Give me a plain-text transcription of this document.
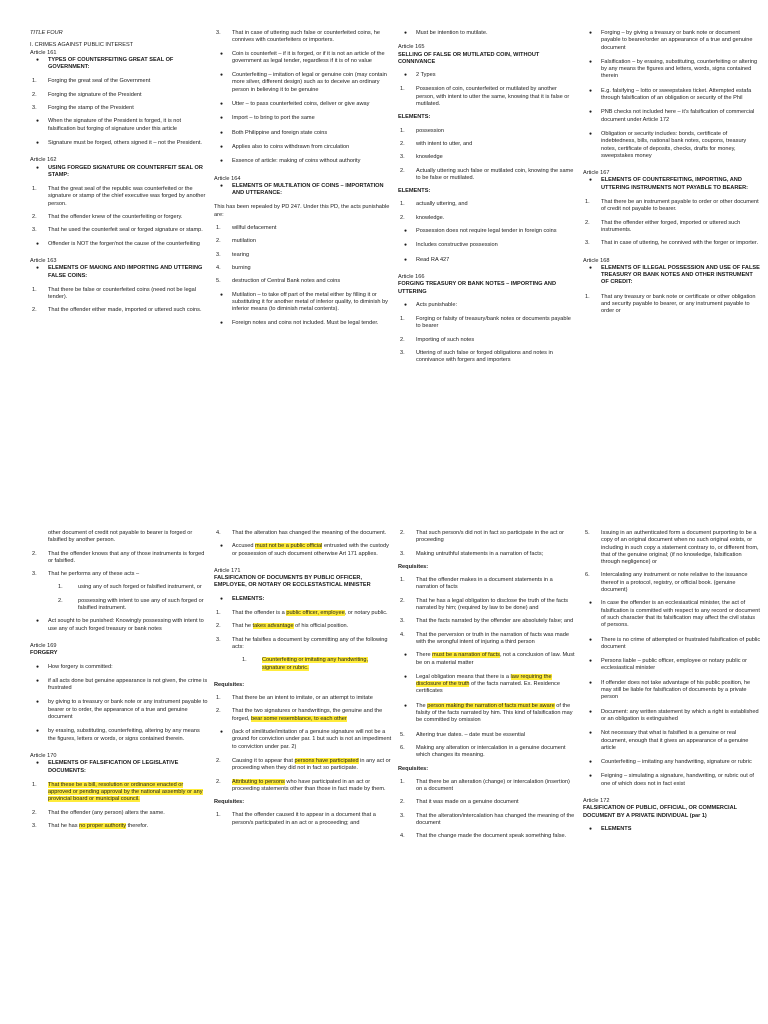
TITLE FOUR
I. CRIMES AGAINST PUBLIC INTEREST
Article 161
● TYPES OF COUNTERFEITING GREAT SEAL OF GOVERNMENT:
1. Forging the great seal of the Government
2. Forging the signature of the President
3. Forging the stamp of the President
● When the signature of the President is forged, it is not falsification but forging of signature under this article
● Signature must be forged, others signed it – not the President.
Article 162
● USING FORGED SIGNATURE OR COUNTERFEIT SEAL OR STAMP:
1. That the great seal of the republic was counterfeited or the signature or stamp of the chief executive was forged by another person.
2. That the offender knew of the counterfeiting or forgery.
3. That he used the counterfeit seal or forged signature or stamp.
● Offender is NOT the forger/not the cause of the counterfeiting
Article 163
● ELEMENTS OF MAKING AND IMPORTING AND UTTERING FALSE COINS:
1. That there be false or counterfeited coins (need not be legal tender).
2. That the offender either made, imported or uttered such coins.
3. That in case of uttering such false or counterfeited coins, he connives with counterfeiters or importers.
● Coin is counterfeit – if it is forged, or if it is not an article of the government as legal tender, regardless if it is of no value
● Counterfeiting – imitation of legal or genuine coin (may contain more silver, different design) such as to deceive an ordinary person in believing it to be genuine
● Utter – to pass counterfeited coins, deliver or give away
● Import – to bring to port the same
● Both Philippine and foreign state coins
● Applies also to coins withdrawn from circulation
● Essence of article: making of coins without authority
Article 164
● ELEMENTS OF MULTILATION OF COINS – IMPORTATION AND UTTERANCE:
This has been repealed by PD 247. Under this PD, the acts punishable are:
1. willful defacement
2. mutilation
3. tearing
4. burning
5. destruction of Central Bank notes and coins
● Mutilation – to take off part of the metal either by filling it or substituting it for another metal of inferior quality, to diminish by inferior means (to diminish metal contents).
● Foreign notes and coins not included. Must be legal tender.
● Must be intention to mutilate.
Article 165
SELLING OF FALSE OR MUTILATED COIN, WITHOUT CONNIVANCE
● 2 Types
1. Possession of coin, counterfeited or mutilated by another person, with intent to utter the same, knowing that it is false or mutilated.
ELEMENTS:
1. possession
2. with intent to utter, and
3. knowledge
2. Actually uttering such false or mutilated coin, knowing the same to be false or mutilated.
ELEMENTS:
1. actually uttering, and
2. knowledge.
● Possession does not require legal tender in foreign coins
● Includes constructive possession
● Read RA 427
Article 166
FORGING TREASURY OR BANK NOTES – IMPORTING AND UTTERING
● Acts punishable:
1. Forging or falsity of treasury/bank notes or documents payable to bearer
2. Importing of such notes
3. Uttering of such false or forged obligations and notes in connivance with forgers and importers
● Forging – by giving a treasury or bank note or document payable to bearer/order an appearance of a true and genuine document
● Falsification – by erasing, substituting, counterfeiting or altering by any means the figures and letters, words, signs contained therein
● E.g. falsifying – lotto or sweepstakes ticket. Attempted estafa through falsification of an obligation or security of the Phil
● PNB checks not included here – it's falsification of commercial document under Article 172
● Obligation or security includes: bonds, certificate of indebtedness, bills, national bank notes, coupons, treasury notes, certificate of deposits, checks, drafts for money, sweepstakes money
Article 167
● ELEMENTS OF COUNTERFEITING, IMPORTING, AND UTTERING INSTRUMENTS NOT PAYABLE TO BEARER:
1. That there be an instrument payable to order or other document of credit not payable to bearer.
2. That the offender either forged, imported or uttered such instruments.
3. That in case of uttering, he connived with the forger or importer.
Article 168
● ELEMENTS OF ILLEGAL POSSESSION AND USE OF FALSE TREASURY OR BANK NOTES AND OTHER INSTRUMENT OF CREDIT:
1. That any treasury or bank note or certificate or other obligation and security payable to bearer, or any instrument payable to order or
other document of credit not payable to bearer is forged or falsified by another person.
2. That the offender knows that any of those instruments is forged or falsified.
3. That he performs any of these acts –
1.	using any of such forged or falsified instrument, or
2.	possessing with intent to use any of such forged or falsified instrument.
● Act sought to be punished: Knowingly possessing with intent to use any of such forged treasury or bank notes
Article 169
FORGERY
● How forgery is committed:
● if all acts done but genuine appearance is not given, the crime is frustrated
● by giving to a treasury or bank note or any instrument payable to bearer or to order, the appearance of a true and genuine document
● by erasing, substituting, counterfeiting, altering by any means the figures, letters or words, or signs contained therein.
Article 170
● ELEMENTS OF FALSIFICATION OF LEGISLATIVE DOCUMENTS:
1. That these be a bill, resolution or ordinance enacted or approved or pending approval by the national assembly or any provincial board or municipal council.
2. That the offender (any person) alters the same.
3. That he has no proper authority therefor.
4. That the alteration has changed the meaning of the document.
● Accused must not be a public official entrusted with the custody or possession of such document otherwise Art 171 applies.
Article 171
FALSIFICATION OF DOCUMENTS BY PUBLIC OFFICER, EMPLOYEE, OR NOTARY OR ECCLESTASTICAL MINISTER
● ELEMENTS:
1. That the offender is a public officer, employee, or notary public.
2. That he takes advantage of his official position.
3. That he falsifies a document by committing any of the following acts:
1.	Counterfeiting or imitating any handwriting, signature or rubric.
Requisites:
1. That there be an intent to imitate, or an attempt to imitate
2. That the two signatures or handwritings, the genuine and the forged, bear some resemblance, to each other
● (lack of similitude/imitation of a genuine signature will not be a ground for conviction under par. 1 but such is not an impediment to conviction under par. 2)
2. Causing it to appear that persons have participated in any act or proceeding when they did not in fact so participate.
2. Attributing to persons who have participated in an act or proceeding statements other than those in fact made by them.
Requisites:
1. That the offender caused it to appear in a document that a person/s participated in an act or a proceeding; and
2. That such person/s did not in fact so participate in the act or proceeding
3. Making untruthful statements in a narration of facts;
Requisites:
1. That the offender makes in a document statements in a narration of facts
2. That he has a legal obligation to disclose the truth of the facts narrated by him; (required by law to be done) and
3. That the facts narrated by the offender are absolutely false; and
4. That the perversion or truth in the narration of facts was made with the wrongful intent of injuring a third person
● There must be a narration of facts, not a conclusion of law. Must be on a material matter
● Legal obligation means that there is a law requiring the disclosure of the truth of the facts narrated. Ex. Residence certificates
● The person making the narration of facts must be aware of the falsity of the facts narrated by him. This kind of falsification may be committed by omission
5. Altering true dates. – date must be essential
6. Making any alteration or intercalation in a genuine document which changes its meaning.
Requisites:
1. That there be an alteration (change) or intercalation (insertion) on a document
2. That it was made on a genuine document
3. That the alteration/intercalation has changed the meaning of the document
4. That the change made the document speak something false.
5. Issuing in an authenticated form a document purporting to be a copy of an original document when no such original exists, or including in such copy a statement contrary to, or different from, that of the genuine original; (if no knowledge, falsification through negligence) or
6. Intercalating any instrument or note relative to the issuance thereof in a protocol, registry, or official book. (genuine document)
● In case the offender is an ecclesiastical minister, the act of falsification is committed with respect to any record or document of such character that its falsification may affect the civil status of persons.
● There is no crime of attempted or frustrated falsification of public document
● Persons liable – public officer, employee or notary public or ecclesiastical minister
● If offender does not take advantage of his public position, he may still be liable for falsification of documents by a private person
● Document: any written statement by which a right is established or an obligation is extinguished
● Not necessary that what is falsified is a genuine or real document, enough that it gives an appearance of a genuine article
● Counterfeiting – imitating any handwriting, signature or rubric
● Feigning – simulating a signature, handwriting, or rubric out of one of which does not in fact exist
Article 172
FALSIFICATION OF PUBLIC, OFFICIAL, OR COMMERCIAL DOCUMENT BY A PRIVATE INDIVIDUAL (par 1)
● ELEMENTS
